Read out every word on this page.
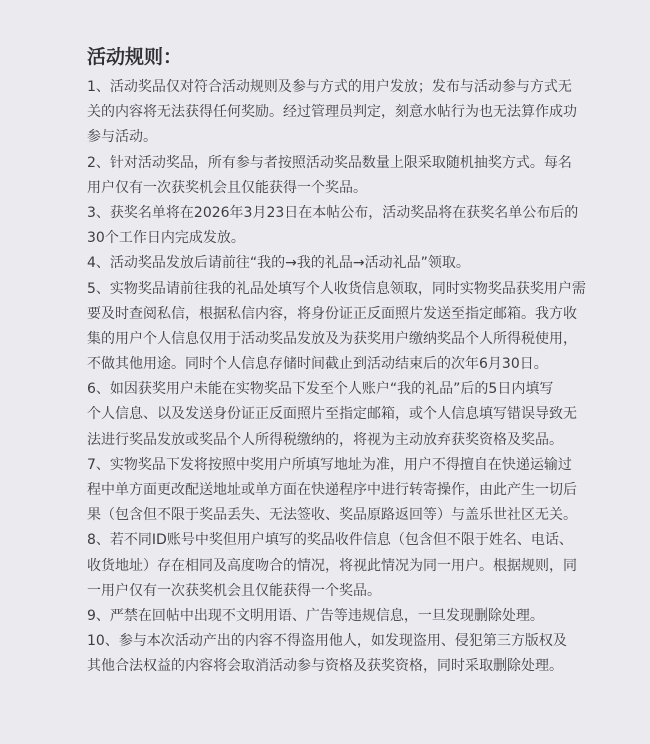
活动规则：
1、活动奖品仅对符合活动规则及参与方式的用户发放；发布与活动参与方式无
关的内容将无法获得任何奖励。经过管理员判定，刻意水帖行为也无法算作成功
参与活动。
2、针对活动奖品，所有参与者按照活动奖品数量上限采取随机抽奖方式。每名
用户仅有一次获奖机会且仅能获得一个奖品。
3、获奖名单将在2026年3月23日在本帖公布，活动奖品将在获奖名单公布后的
30个工作日内完成发放。
4、活动奖品发放后请前往“我的→我的礼品→活动礼品”领取。
5、实物奖品请前往我的礼品处填写个人收货信息领取，同时实物奖品获奖用户需
要及时查阅私信，根据私信内容，将身份证正反面照片发送至指定邮箱。我方收
集的用户个人信息仅用于活动奖品发放及为获奖用户缴纳奖品个人所得税使用，
不做其他用途。同时个人信息存储时间截止到活动结束后的次年6月30日。
6、如因获奖用户未能在实物奖品下发至个人账户“我的礼品”后的5日内填写
个人信息、以及发送身份证正反面照片至指定邮箱，或个人信息填写错误导致无
法进行奖品发放或奖品个人所得税缴纳的，将视为主动放弃获奖资格及奖品。
7、实物奖品下发将按照中奖用户所填写地址为准，用户不得擅自在快递运输过
程中单方面更改配送地址或单方面在快递程序中进行转寄操作，由此产生一切后
果（包含但不限于奖品丢失、无法签收、奖品原路返回等）与盖乐世社区无关。
8、若不同ID账号中奖但用户填写的奖品收件信息（包含但不限于姓名、电话、
收货地址）存在相同及高度吻合的情况，将视此情况为同一用户。根据规则，同
一用户仅有一次获奖机会且仅能获得一个奖品。
9、严禁在回帖中出现不文明用语、广告等违规信息，一旦发现删除处理。
10、参与本次活动产出的内容不得盗用他人，如发现盗用、侵犯第三方版权及
其他合法权益的内容将会取消活动参与资格及获奖资格，同时采取删除处理。
